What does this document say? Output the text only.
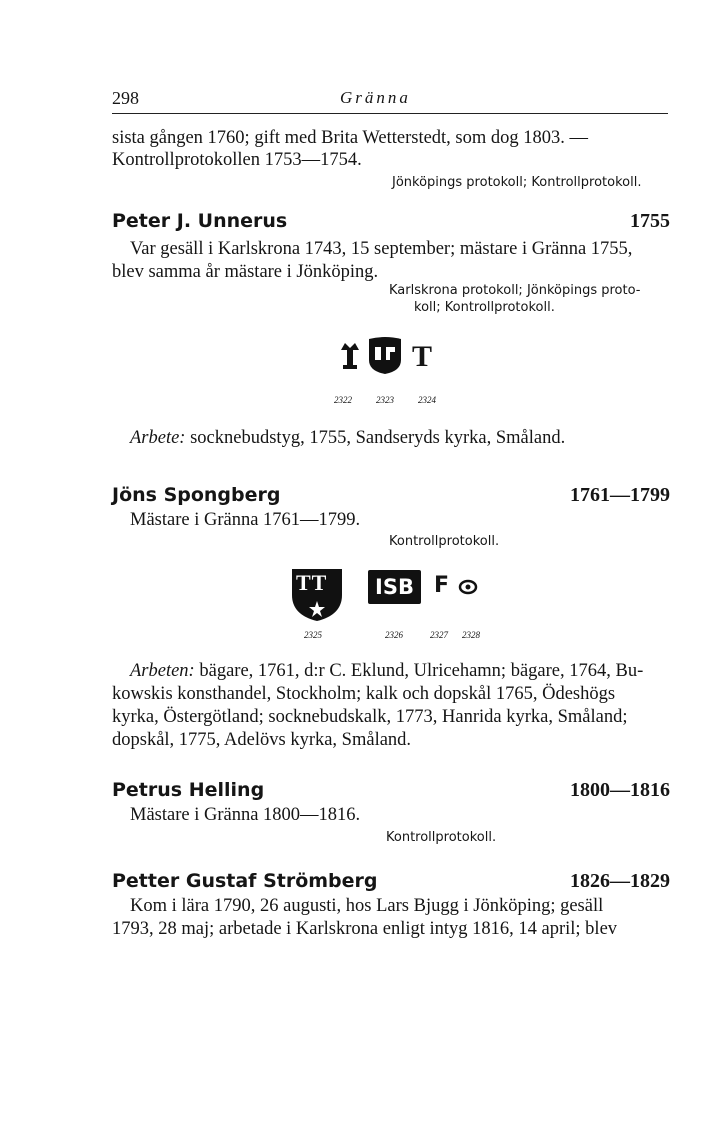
298	Gränna
sista gången 1760; gift med Brita Wetterstedt, som dog 1803. —
Kontrollprotokollen 1753—1754.
Jönköpings protokoll; Kontrollprotokoll.
Peter J. Unnerus	1755
Var gesäll i Karlskrona 1743, 15 september; mästare i Gränna 1755,
blev samma år mästare i Jönköping.
Karlskrona protokoll; Jönköpings proto-
koll; Kontrollprotokoll.
T
2322	2323	2324
Arbete: socknebudstyg, 1755, Sandseryds kyrka, Småland.
Jöns Spongberg	1761—1799
Mästare i Gränna 1761—1799.
Kontrollprotokoll.
TT	ISB F
2325	2326	2327 2328
Arbeten: bägare, 1761, d:r C. Eklund, Ulricehamn; bägare, 1764, Bu-
kowskis konsthandel, Stockholm; kalk och dopskål 1765, Ödeshögs
kyrka, Östergötland; socknebudskalk, 1773, Hanrida kyrka, Småland;
dopskål, 1775, Adelövs kyrka, Småland.
Petrus Helling	1800—1816
Mästare i Gränna 1800—1816.
Kontrollprotokoll.
Petter Gustaf Strömberg	1826—1829
Kom i lära 1790, 26 augusti, hos Lars Bjugg i Jönköping; gesäll
1793, 28 maj; arbetade i Karlskrona enligt intyg 1816, 14 april; blev
